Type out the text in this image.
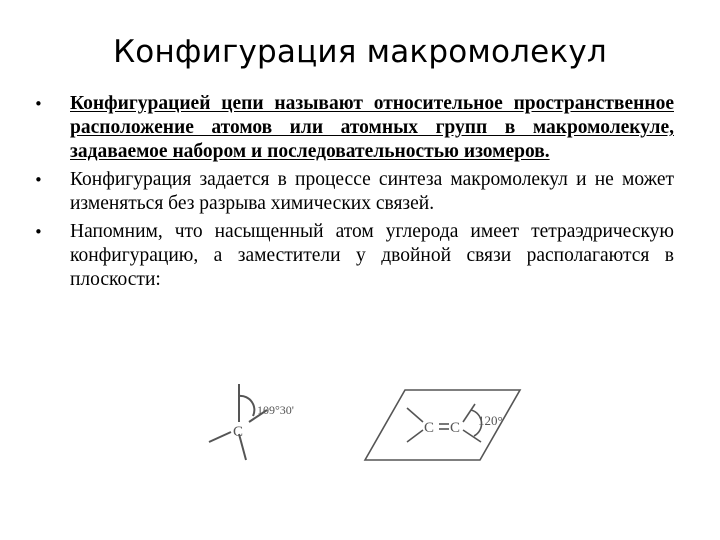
Конфигурация макромолекул
•	Конфигурацией цепи называют относительное пространственное расположение атомов или атомных групп в макромолекуле, задаваемое набором и последовательностью изомеров.
•	Конфигурация задается в процессе синтеза макромолекул и не может изменяться без разрыва химических связей.
•	Напомним, что насыщенный атом углерода имеет тетраэдрическую конфигурацию, а заместители у двойной связи располагаются в плоскости:
C
109°30'
C C 120°
